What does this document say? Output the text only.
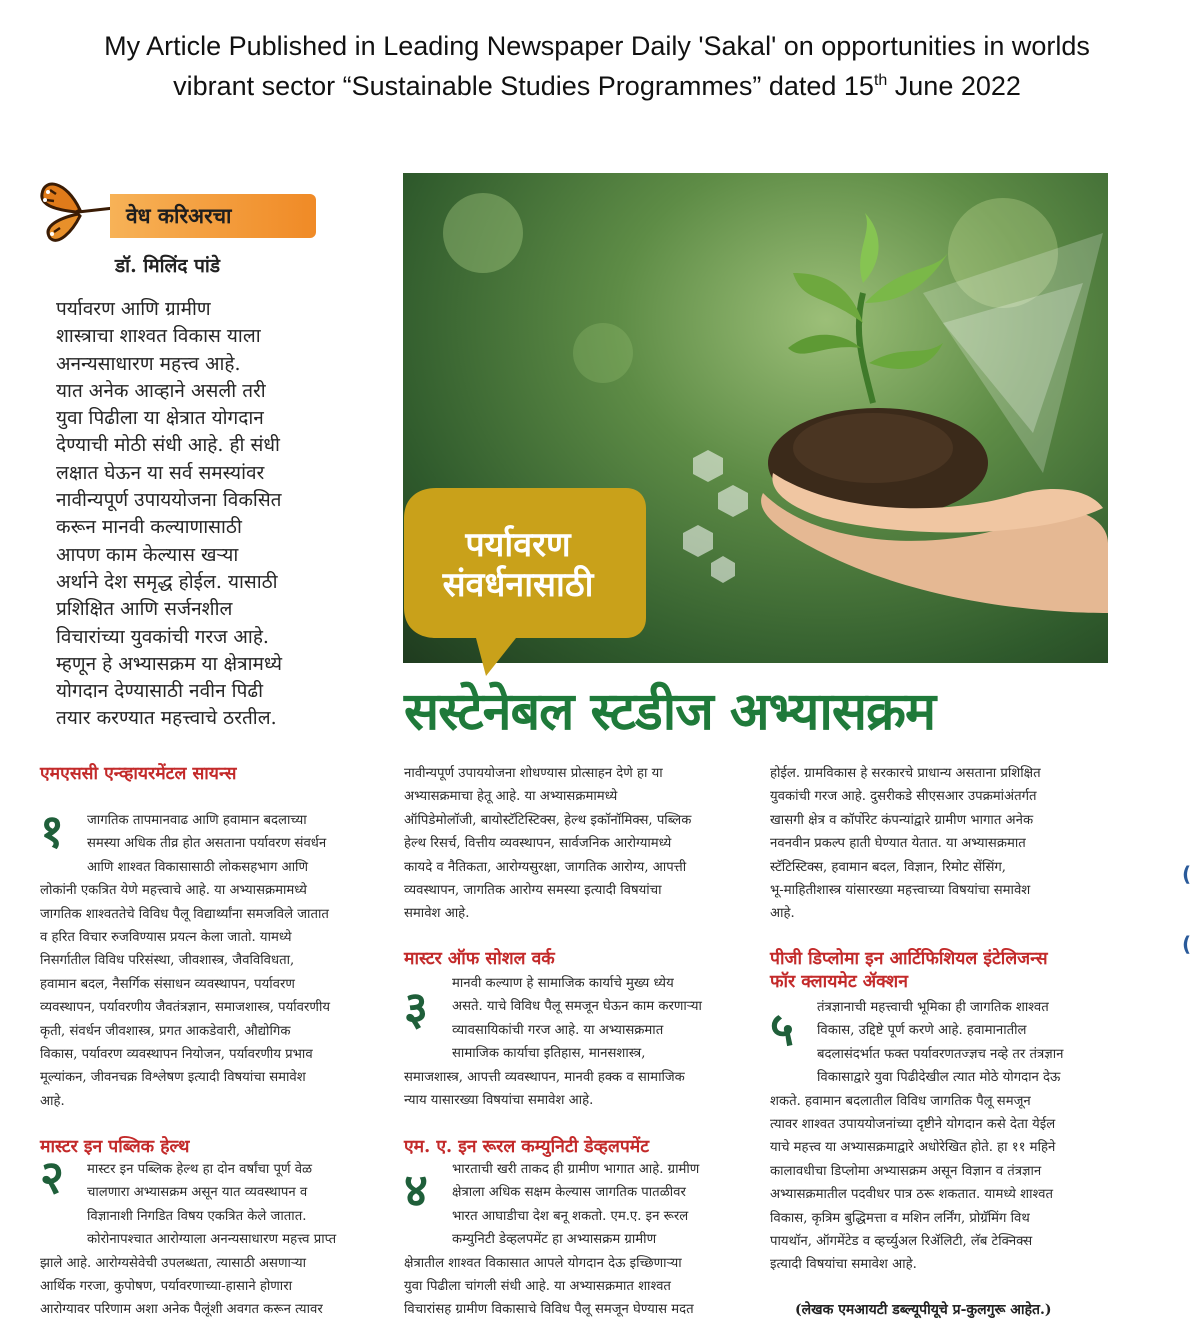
My Article Published in Leading Newspaper Daily 'Sakal' on opportunities in worlds
vibrant sector “Sustainable Studies Programmes” dated 15th June 2022
वेध करिअरचा
डॉ. मिलिंद पांडे
पर्यावरण आणि ग्रामीण
शास्त्राचा शाश्वत विकास याला
अनन्यसाधारण महत्त्व आहे.
यात अनेक आव्हाने असली तरी
युवा पिढीला या क्षेत्रात योगदान
देण्याची मोठी संधी आहे. ही संधी
लक्षात घेऊन या सर्व समस्यांवर
नावीन्यपूर्ण उपाययोजना विकसित
करून मानवी कल्याणासाठी
आपण काम केल्यास खऱ्या
अर्थाने देश समृद्ध होईल. यासाठी
प्रशिक्षित आणि सर्जनशील
विचारांच्या युवकांची गरज आहे.
म्हणून हे अभ्यासक्रम या क्षेत्रामध्ये
योगदान देण्यासाठी नवीन पिढी
तयार करण्यात महत्त्वाचे ठरतील.
पर्यावरण
संवर्धनासाठी
सस्टेनेबल स्टडीज अभ्यासक्रम
एमएससी एन्व्हायरमेंटल सायन्स
१	जागतिक तापमानवाढ आणि हवामान बदलाच्या
समस्या अधिक तीव्र होत असताना पर्यावरण संवर्धन
आणि शाश्वत विकासासाठी लोकसहभाग आणि
लोकांनी एकत्रित येणे महत्त्वाचे आहे. या अभ्यासक्रमामध्ये
जागतिक शाश्वततेचे विविध पैलू विद्यार्थ्यांना समजविले जातात
व हरित विचार रुजविण्यास प्रयत्न केला जातो. यामध्ये
निसर्गातील विविध परिसंस्था, जीवशास्त्र, जैवविविधता,
हवामान बदल, नैसर्गिक संसाधन व्यवस्थापन, पर्यावरण
व्यवस्थापन, पर्यावरणीय जैवतंत्रज्ञान, समाजशास्त्र, पर्यावरणीय
कृती, संवर्धन जीवशास्त्र, प्रगत आकडेवारी, औद्योगिक
विकास, पर्यावरण व्यवस्थापन नियोजन, पर्यावरणीय प्रभाव
मूल्यांकन, जीवनचक्र विश्लेषण इत्यादी विषयांचा समावेश
आहे.
मास्टर इन पब्लिक हेल्थ
२	मास्टर इन पब्लिक हेल्थ हा दोन वर्षांचा पूर्ण वेळ
चालणारा अभ्यासक्रम असून यात व्यवस्थापन व
विज्ञानाशी निगडित विषय एकत्रित केले जातात.
कोरोनापश्चात आरोग्याला अनन्यसाधारण महत्त्व प्राप्त
झाले आहे. आरोग्यसेवेची उपलब्धता, त्यासाठी असणाऱ्या
आर्थिक गरजा, कुपोषण, पर्यावरणाच्या-हासाने होणारा
आरोग्यावर परिणाम अशा अनेक पैलूंशी अवगत करून त्यावर
नावीन्यपूर्ण उपाययोजना शोधण्यास प्रोत्साहन देणे हा या
अभ्यासक्रमाचा हेतू आहे. या अभ्यासक्रमामध्ये
ऑपिडेमोलॉजी, बायोस्टॅटिस्टिक्स, हेल्थ इकॉनॉमिक्स, पब्लिक
हेल्थ रिसर्च, वित्तीय व्यवस्थापन, सार्वजनिक आरोग्यामध्ये
कायदे व नैतिकता, आरोग्यसुरक्षा, जागतिक आरोग्य, आपत्ती
व्यवस्थापन, जागतिक आरोग्य समस्या इत्यादी विषयांचा
समावेश आहे.
मास्टर ऑफ सोशल वर्क
३	मानवी कल्याण हे सामाजिक कार्याचे मुख्य ध्येय
असते. याचे विविध पैलू समजून घेऊन काम करणाऱ्या
व्यावसायिकांची गरज आहे. या अभ्यासक्रमात
सामाजिक कार्याचा इतिहास, मानसशास्त्र,
समाजशास्त्र, आपत्ती व्यवस्थापन, मानवी हक्क व सामाजिक
न्याय यासारख्या विषयांचा समावेश आहे.
एम. ए. इन रूरल कम्युनिटी डेव्हलपमेंट
४	भारताची खरी ताकद ही ग्रामीण भागात आहे. ग्रामीण
क्षेत्राला अधिक सक्षम केल्यास जागतिक पातळीवर
भारत आघाडीचा देश बनू शकतो. एम.ए. इन रूरल
कम्युनिटी डेव्हलपमेंट हा अभ्यासक्रम ग्रामीण
क्षेत्रातील शाश्वत विकासात आपले योगदान देऊ इच्छिणाऱ्या
युवा पिढीला चांगली संधी आहे. या अभ्यासक्रमात शाश्वत
विचारांसह ग्रामीण विकासाचे विविध पैलू समजून घेण्यास मदत
होईल. ग्रामविकास हे सरकारचे प्राधान्य असताना प्रशिक्षित
युवकांची गरज आहे. दुसरीकडे सीएसआर उपक्रमांअंतर्गत
खासगी क्षेत्र व कॉर्पोरेट कंपन्यांद्वारे ग्रामीण भागात अनेक
नवनवीन प्रकल्प हाती घेण्यात येतात. या अभ्यासक्रमात
स्टॅटिस्टिक्स, हवामान बदल, विज्ञान, रिमोट सेंसिंग,
भू-माहितीशास्त्र यांसारख्या महत्त्वाच्या विषयांचा समावेश
आहे.
पीजी डिप्लोमा इन आर्टिफिशियल इंटेलिजन्स
फॉर क्लायमेट ॲक्शन
५	तंत्रज्ञानाची महत्त्वाची भूमिका ही जागतिक शाश्वत
विकास, उद्दिष्टे पूर्ण करणे आहे. हवामानातील
बदलासंदर्भात फक्त पर्यावरणतज्ज्ञच नव्हे तर तंत्रज्ञान
विकासाद्वारे युवा पिढीदेखील त्यात मोठे योगदान देऊ
शकते. हवामान बदलातील विविध जागतिक पैलू समजून
त्यावर शाश्वत उपाययोजनांच्या दृष्टीने योगदान कसे देता येईल
याचे महत्त्व या अभ्यासक्रमाद्वारे अधोरेखित होते. हा ११ महिने
कालावधीचा डिप्लोमा अभ्यासक्रम असून विज्ञान व तंत्रज्ञान
अभ्यासक्रमातील पदवीधर पात्र ठरू शकतात. यामध्ये शाश्वत
विकास, कृत्रिम बुद्धिमत्ता व मशिन लर्निंग, प्रोग्रॅमिंग विथ
पायथॉन, ऑगमेंटेड व व्हर्च्युअल रिॲलिटी, लॅब टेक्निक्स
इत्यादी विषयांचा समावेश आहे.
(लेखक एमआयटी डब्ल्यूपीयूचे प्र-कुलगुरू आहेत.)
(
(
